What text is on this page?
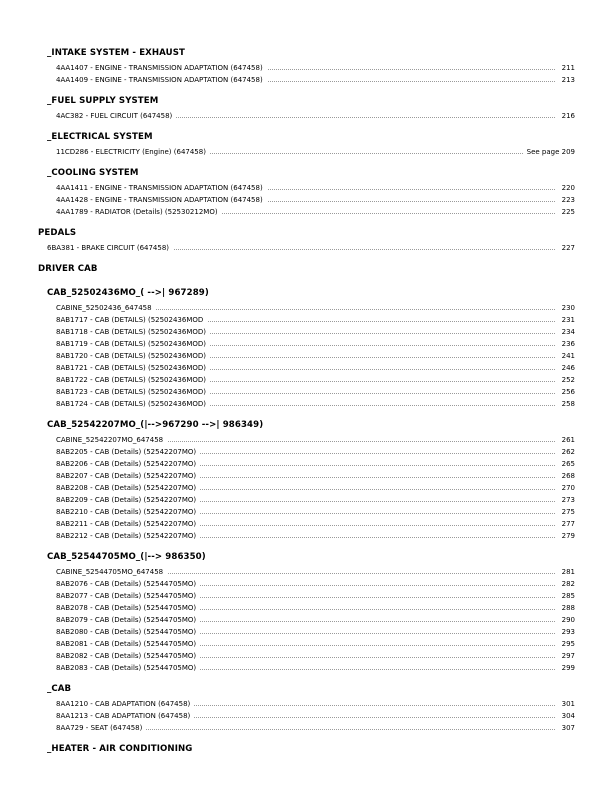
_INTAKE SYSTEM - EXHAUST
4AA1407 - ENGINE - TRANSMISSION ADAPTATION (647458)	211
4AA1409 - ENGINE - TRANSMISSION ADAPTATION (647458)	213
_FUEL SUPPLY SYSTEM
4AC382 - FUEL CIRCUIT (647458)	216
_ELECTRICAL SYSTEM
11CD286 - ELECTRICITY (Engine) (647458)	See page 209
_COOLING SYSTEM
4AA1411 - ENGINE - TRANSMISSION ADAPTATION (647458)	220
4AA1428 - ENGINE - TRANSMISSION ADAPTATION (647458)	223
4AA1789 - RADIATOR (Details) (52530212MO)	225
PEDALS
6BA381 - BRAKE CIRCUIT (647458)	227
DRIVER CAB
CAB_52502436MO_( -->| 967289)
CABINE_52502436_647458	230
8AB1717 - CAB (DETAILS) (52502436MOD	231
8AB1718 - CAB (DETAILS) (52502436MOD)	234
8AB1719 - CAB (DETAILS) (52502436MOD)	236
8AB1720 - CAB (DETAILS) (52502436MOD)	241
8AB1721 - CAB (DETAILS) (52502436MOD)	246
8AB1722 - CAB (DETAILS) (52502436MOD)	252
8AB1723 - CAB (DETAILS) (52502436MOD)	256
8AB1724 - CAB (DETAILS) (52502436MOD)	258
CAB_52542207MO_(|-->967290 -->| 986349)
CABINE_52542207MO_647458	261
8AB2205 - CAB (Details) (52542207MO)	262
8AB2206 - CAB (Details) (52542207MO)	265
8AB2207 - CAB (Details) (52542207MO)	268
8AB2208 - CAB (Details) (52542207MO)	270
8AB2209 - CAB (Details) (52542207MO)	273
8AB2210 - CAB (Details) (52542207MO)	275
8AB2211 - CAB (Details) (52542207MO)	277
8AB2212 - CAB (Details) (52542207MO)	279
CAB_52544705MO_(|--> 986350)
CABINE_52544705MO_647458	281
8AB2076 - CAB (Details) (52544705MO)	282
8AB2077 - CAB (Details) (52544705MO)	285
8AB2078 - CAB (Details) (52544705MO)	288
8AB2079 - CAB (Details) (52544705MO)	290
8AB2080 - CAB (Details) (52544705MO)	293
8AB2081 - CAB (Details) (52544705MO)	295
8AB2082 - CAB (Details) (52544705MO)	297
8AB2083 - CAB (Details) (52544705MO)	299
_CAB
8AA1210 - CAB ADAPTATION (647458)	301
8AA1213 - CAB ADAPTATION (647458)	304
8AA729 - SEAT (647458)	307
_HEATER - AIR CONDITIONING
